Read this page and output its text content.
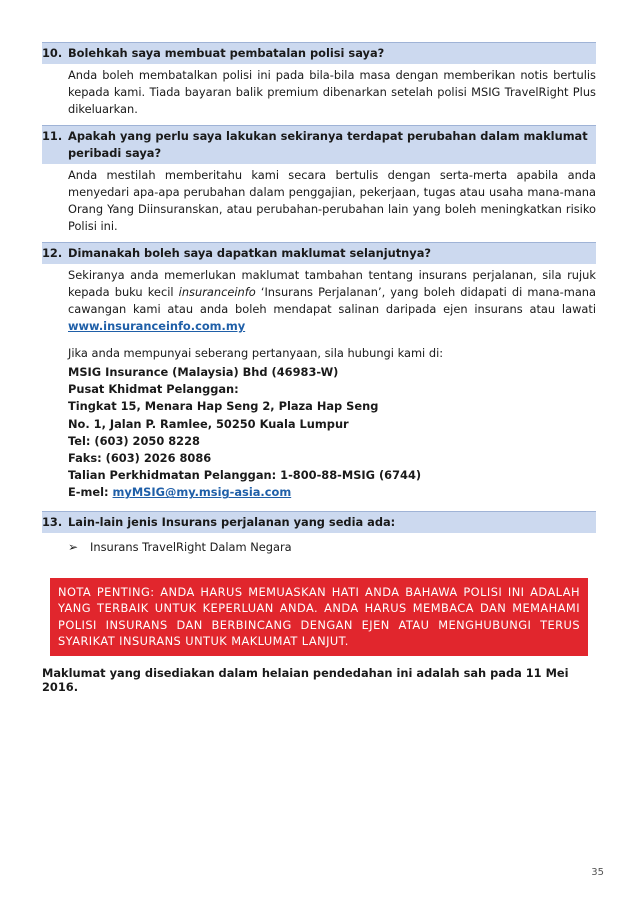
10. Bolehkah saya membuat pembatalan polisi saya?

Anda boleh membatalkan polisi ini pada bila-bila masa dengan memberikan notis bertulis kepada kami. Tiada bayaran balik premium dibenarkan setelah polisi MSIG TravelRight Plus dikeluarkan.

11. Apakah yang perlu saya lakukan sekiranya terdapat perubahan dalam maklumat peribadi saya?

Anda mestilah memberitahu kami secara bertulis dengan serta-merta apabila anda menyedari apa-apa perubahan dalam penggajian, pekerjaan, tugas atau usaha mana-mana Orang Yang Diinsuranskan, atau perubahan-perubahan lain yang boleh meningkatkan risiko Polisi ini.

12. Dimanakah boleh saya dapatkan maklumat selanjutnya?

Sekiranya anda memerlukan maklumat tambahan tentang insurans perjalanan, sila rujuk kepada buku kecil insuranceinfo ‘Insurans Perjalanan’, yang boleh didapati di mana-mana cawangan kami atau anda boleh mendapat salinan daripada ejen insurans atau lawati www.insuranceinfo.com.my

Jika anda mempunyai seberang pertanyaan, sila hubungi kami di:

MSIG Insurance (Malaysia) Bhd (46983-W)
Pusat Khidmat Pelanggan:
Tingkat 15, Menara Hap Seng 2, Plaza Hap Seng
No. 1, Jalan P. Ramlee, 50250 Kuala Lumpur
Tel: (603) 2050 8228
Faks: (603) 2026 8086
Talian Perkhidmatan Pelanggan: 1-800-88-MSIG (6744)
E-mel: myMSIG@my.msig-asia.com
13. Lain-lain jenis Insurans perjalanan yang sedia ada:
➢	Insurans TravelRight Dalam Negara
NOTA PENTING: ANDA HARUS MEMUASKAN HATI ANDA BAHAWA POLISI INI ADALAH YANG TERBAIK UNTUK KEPERLUAN ANDA. ANDA HARUS MEMBACA DAN MEMAHAMI POLISI INSURANS DAN BERBINCANG DENGAN EJEN ATAU MENGHUBUNGI TERUS SYARIKAT INSURANS UNTUK MAKLUMAT LANJUT.
Maklumat yang disediakan dalam helaian pendedahan ini adalah sah pada 11 Mei 2016.
35
